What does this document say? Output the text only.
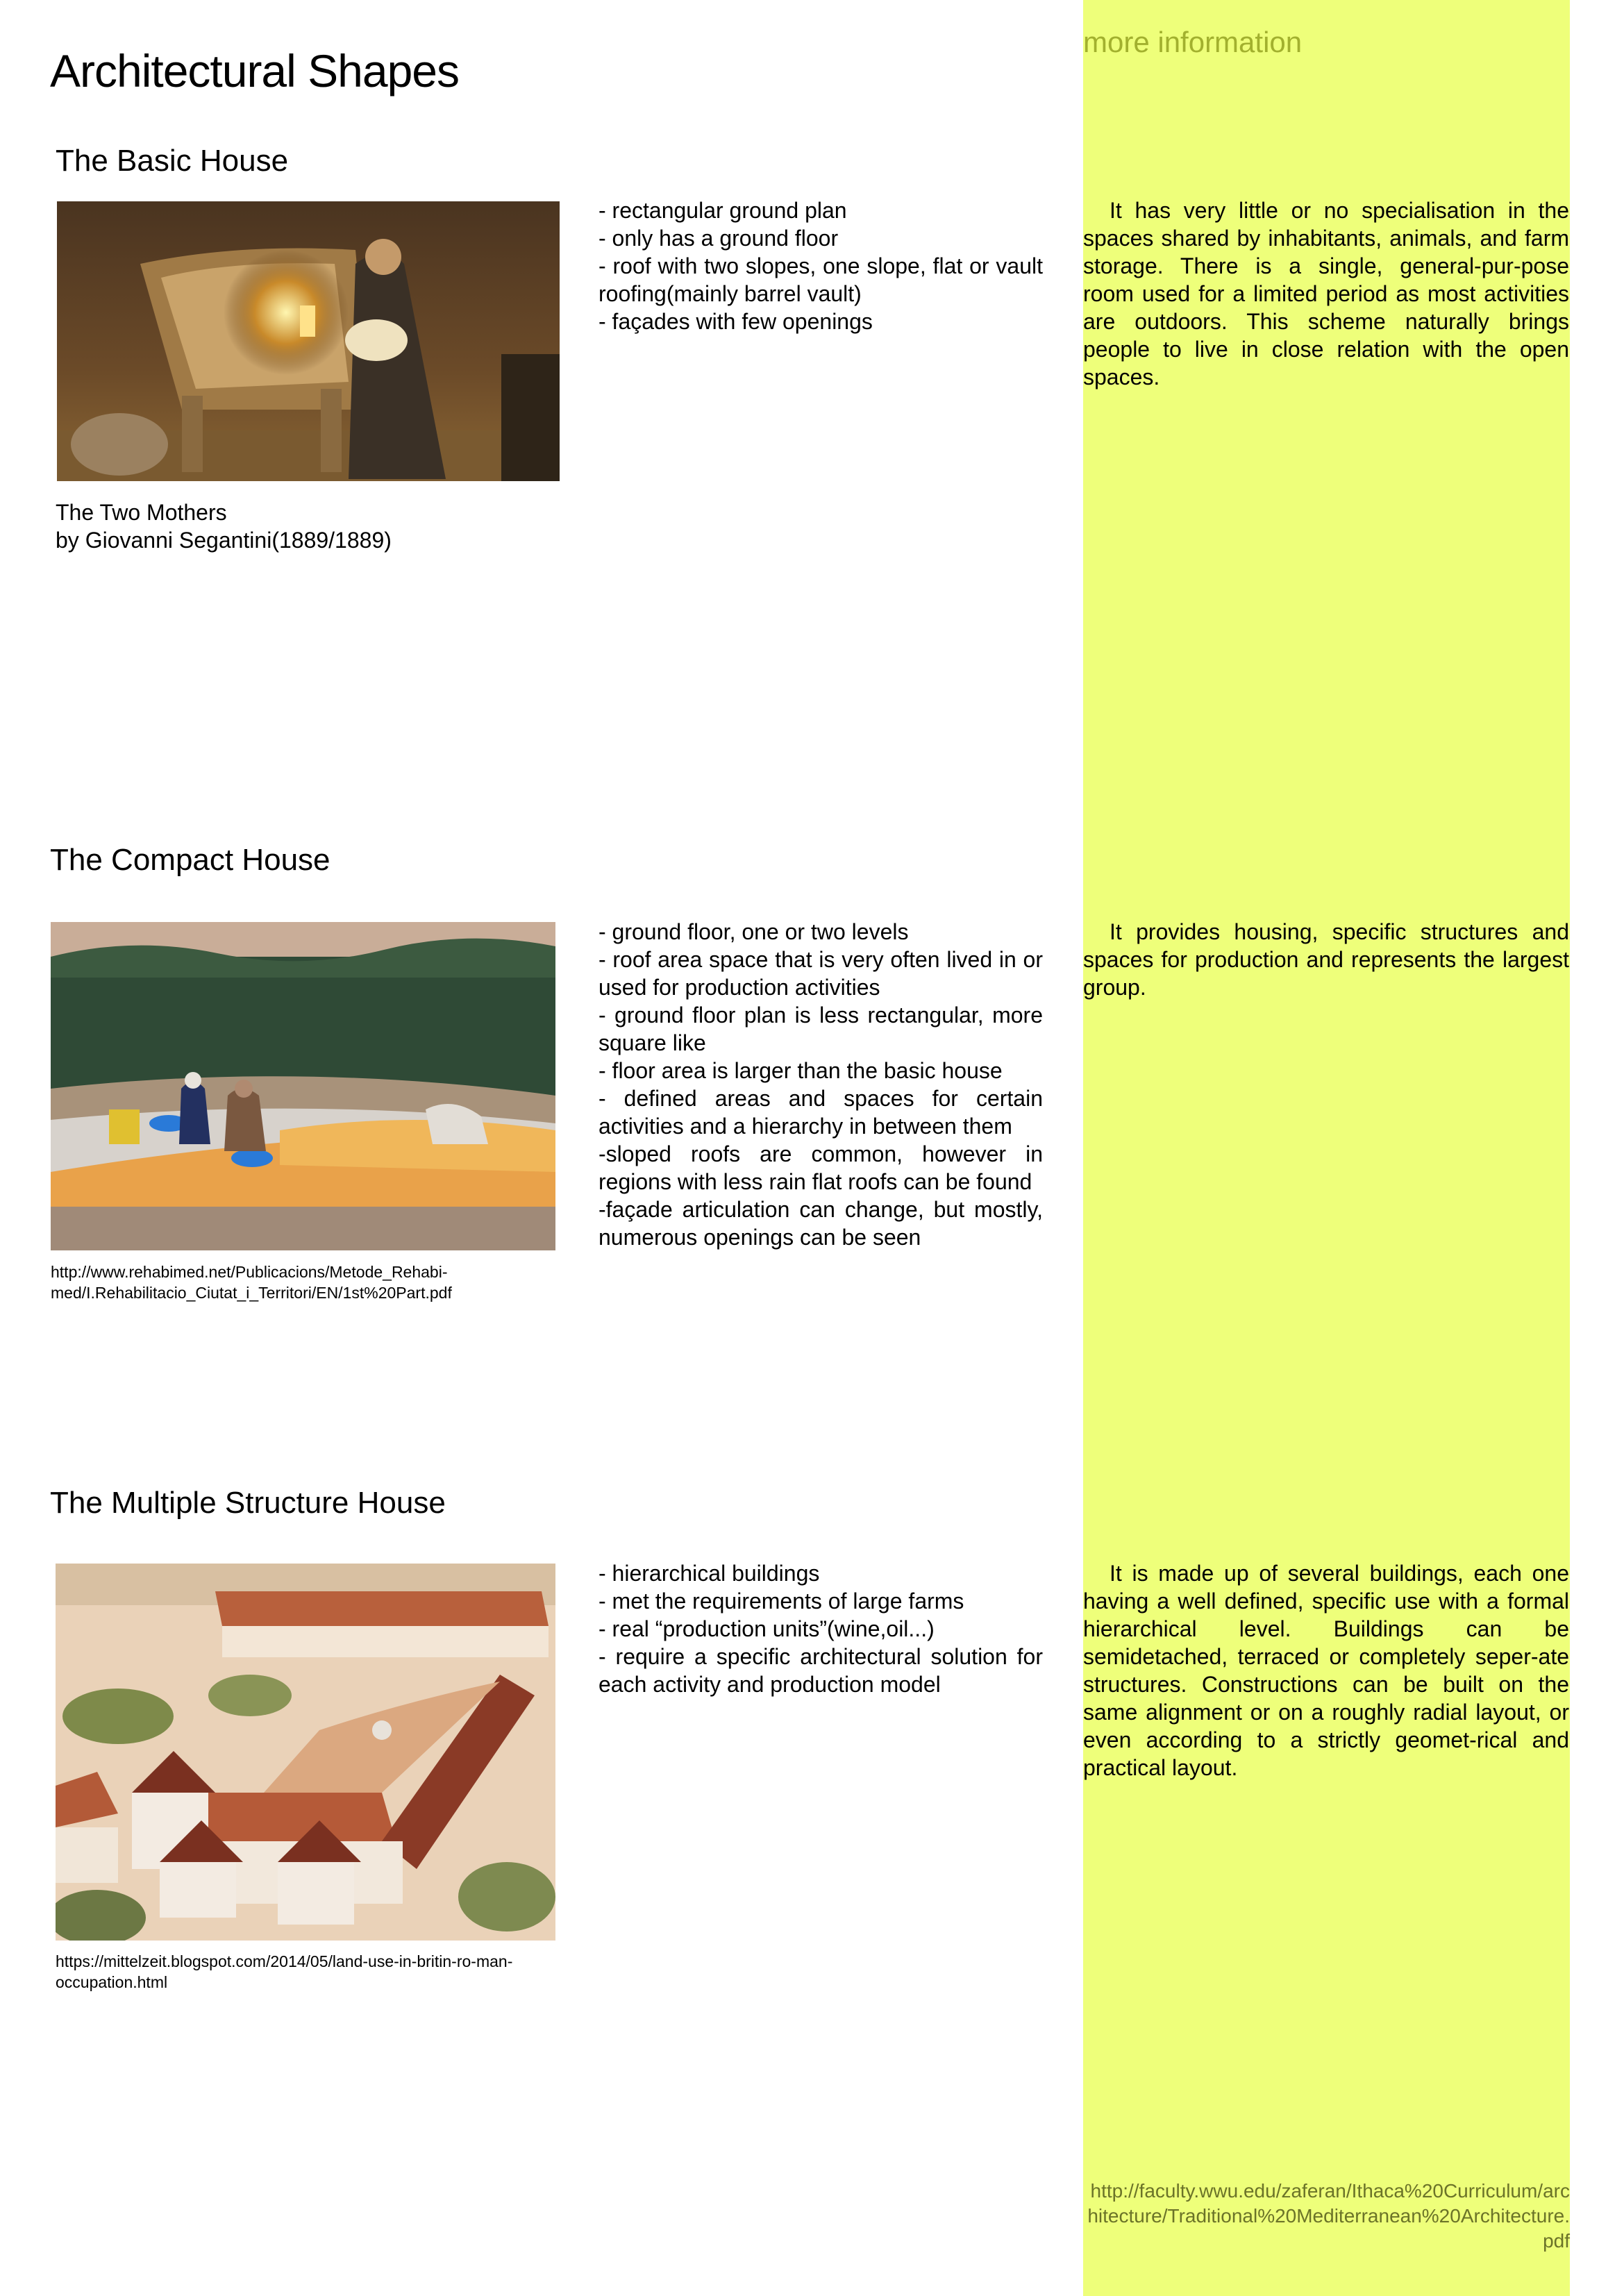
Architectural Shapes
more information
The Basic House
The Two Mothers
by Giovanni Segantini(1889/1889)
- rectangular ground plan
- only has a ground floor
- roof with two slopes, one slope, flat or vault roofing(mainly barrel vault)
- façades with few openings

It has very little or no specialisation in the spaces shared by inhabitants, animals, and farm storage. There is a single, general-pur-pose room used for a limited period as most activities are outdoors. This scheme naturally brings people to live in close relation with the open spaces.

The Compact House
http://www.rehabimed.net/Publicacions/Metode_Rehabi-med/I.Rehabilitacio_Ciutat_i_Territori/EN/1st%20Part.pdf
- ground floor, one or two levels
- roof area space that is very often lived in or used for production activities
- ground floor plan is less rectangular, more square like
- floor area is larger than the basic house
- defined areas and spaces for certain activities and a hierarchy in between them
-sloped roofs are common, however in regions with less rain flat roofs can be found
-façade articulation can change, but mostly, numerous openings can be seen

It provides housing, specific structures and spaces for production and represents the largest group.

The Multiple Structure House
https://mittelzeit.blogspot.com/2014/05/land-use-in-britin-ro-man-occupation.html
- hierarchical buildings
- met the requirements of large farms
- real “production units”(wine,oil...)
- require a specific architectural solution for each activity and production model

It is made up of several buildings, each one having a well defined, specific use with a formal hierarchical level. Buildings can be semidetached, terraced or completely seper-ate structures. Constructions can be built on the same alignment or on a roughly radial layout, or even according to a strictly geomet-rical and practical layout.

http://faculty.wwu.edu/zaferan/Ithaca%20Curriculum/architecture/Traditional%20Mediterranean%20Architecture.pdf
